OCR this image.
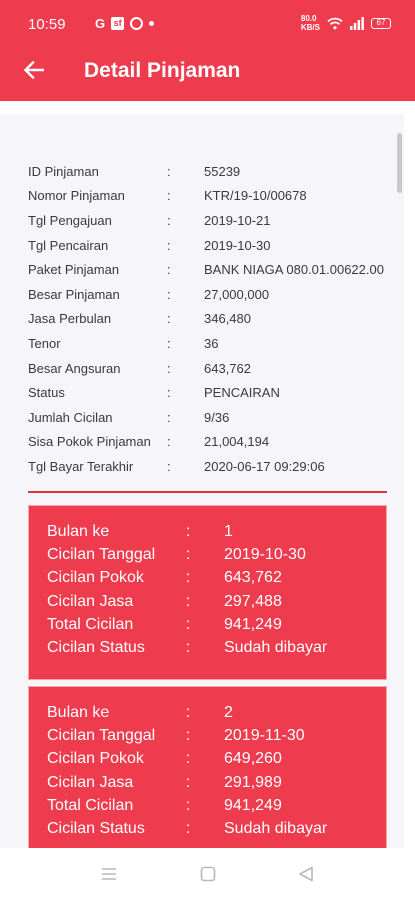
10:59 G sf	80.0
KB/S
67
Detail Pinjaman
ID Pinjaman	:	55239
Nomor Pinjaman	:	KTR/19-10/00678
Tgl Pengajuan	:	2019-10-21
Tgl Pencairan	:	2019-10-30
Paket Pinjaman	:	BANK NIAGA 080.01.00622.00
Besar Pinjaman	:	27,000,000
Jasa Perbulan	:	346,480
Tenor	:	36
Besar Angsuran	:	643,762
Status	:	PENCAIRAN
Jumlah Cicilan	:	9/36
Sisa Pokok Pinjaman	:	21,004,194
Tgl Bayar Terakhir	:	2020-06-17 09:29:06
Bulan ke	:	1
Cicilan Tanggal	:	2019-10-30
Cicilan Pokok	:	643,762
Cicilan Jasa	:	297,488
Total Cicilan	:	941,249
Cicilan Status	:	Sudah dibayar
Bulan ke	:	2
Cicilan Tanggal	:	2019-11-30
Cicilan Pokok	:	649,260
Cicilan Jasa	:	291,989
Total Cicilan	:	941,249
Cicilan Status	:	Sudah dibayar
